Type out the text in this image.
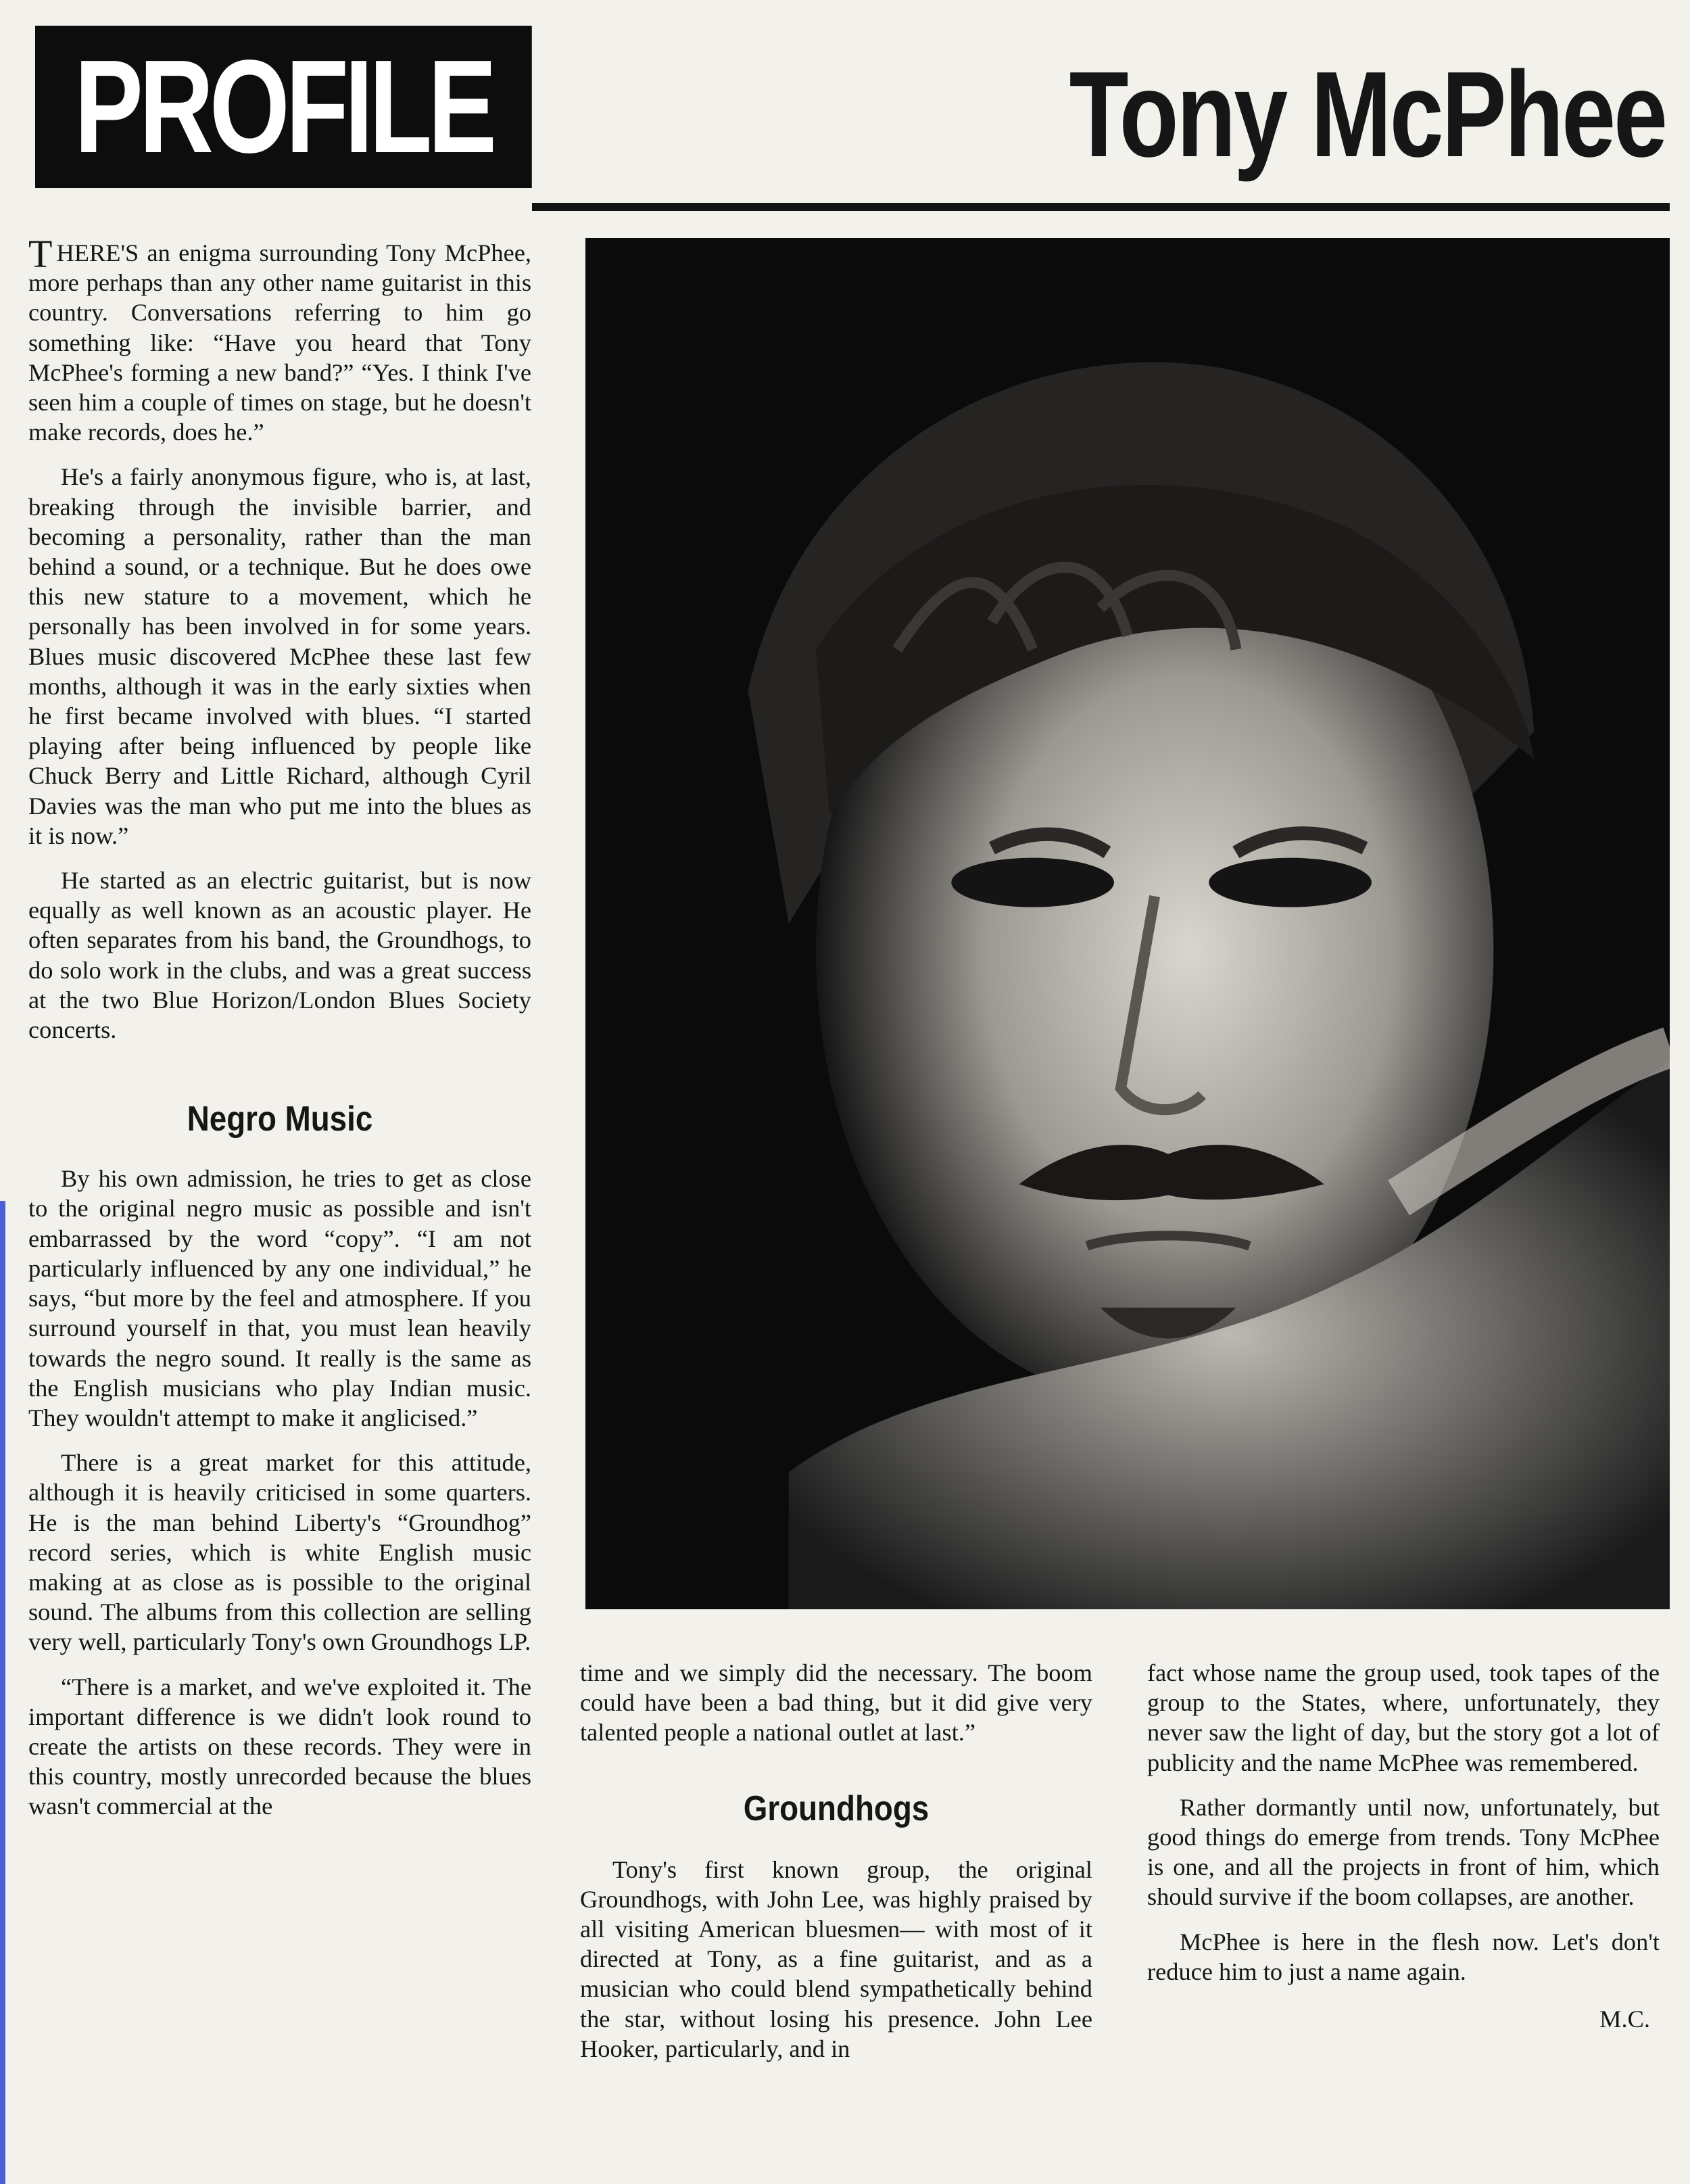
PROFILE	Tony McPhee

THERE'S an enigma surrounding Tony McPhee, more perhaps than any other name guitarist in this country. Conversations referring to him go something like: “Have you heard that Tony McPhee's forming a new band?” “Yes. I think I've seen him a couple of times on stage, but he doesn't make records, does he.”

He's a fairly anonymous figure, who is, at last, breaking through the invisible barrier, and becoming a personality, rather than the man behind a sound, or a technique. But he does owe this new stature to a movement, which he personally has been involved in for some years. Blues music discovered McPhee these last few months, although it was in the early sixties when he first became involved with blues. “I started playing after being influenced by people like Chuck Berry and Little Richard, although Cyril Davies was the man who put me into the blues as it is now.”

He started as an electric guitarist, but is now equally as well known as an acoustic player. He often separates from his band, the Groundhogs, to do solo work in the clubs, and was a great success at the two Blue Horizon/London Blues Society concerts.

Negro Music

By his own admission, he tries to get as close to the original negro music as possible and isn't embarrassed by the word “copy”. “I am not particularly influenced by any one individual,” he says, “but more by the feel and atmosphere. If you surround yourself in that, you must lean heavily towards the negro sound. It really is the same as the English musicians who play Indian music. They wouldn't attempt to make it anglicised.”

There is a great market for this attitude, although it is heavily criticised in some quarters. He is the man behind Liberty's “Groundhog” record series, which is white English music making at as close as is possible to the original sound. The albums from this collection are selling very well, particularly Tony's own Groundhogs LP.

“There is a market, and we've exploited it. The important difference is we didn't look round to create the artists on these records. They were in this country, mostly unrecorded because the blues wasn't commercial at the

time and we simply did the necessary. The boom could have been a bad thing, but it did give very talented people a national outlet at last.”

Groundhogs

Tony's first known group, the original Groundhogs, with John Lee, was highly praised by all visiting American bluesmen— with most of it directed at Tony, as a fine guitarist, and as a musician who could blend sympathetically behind the star, without losing his presence. John Lee Hooker, particularly, and in

fact whose name the group used, took tapes of the group to the States, where, unfortunately, they never saw the light of day, but the story got a lot of publicity and the name McPhee was remembered.

Rather dormantly until now, unfortunately, but good things do emerge from trends. Tony McPhee is one, and all the projects in front of him, which should survive if the boom collapses, are another.

McPhee is here in the flesh now. Let's don't reduce him to just a name again.

M.C.
